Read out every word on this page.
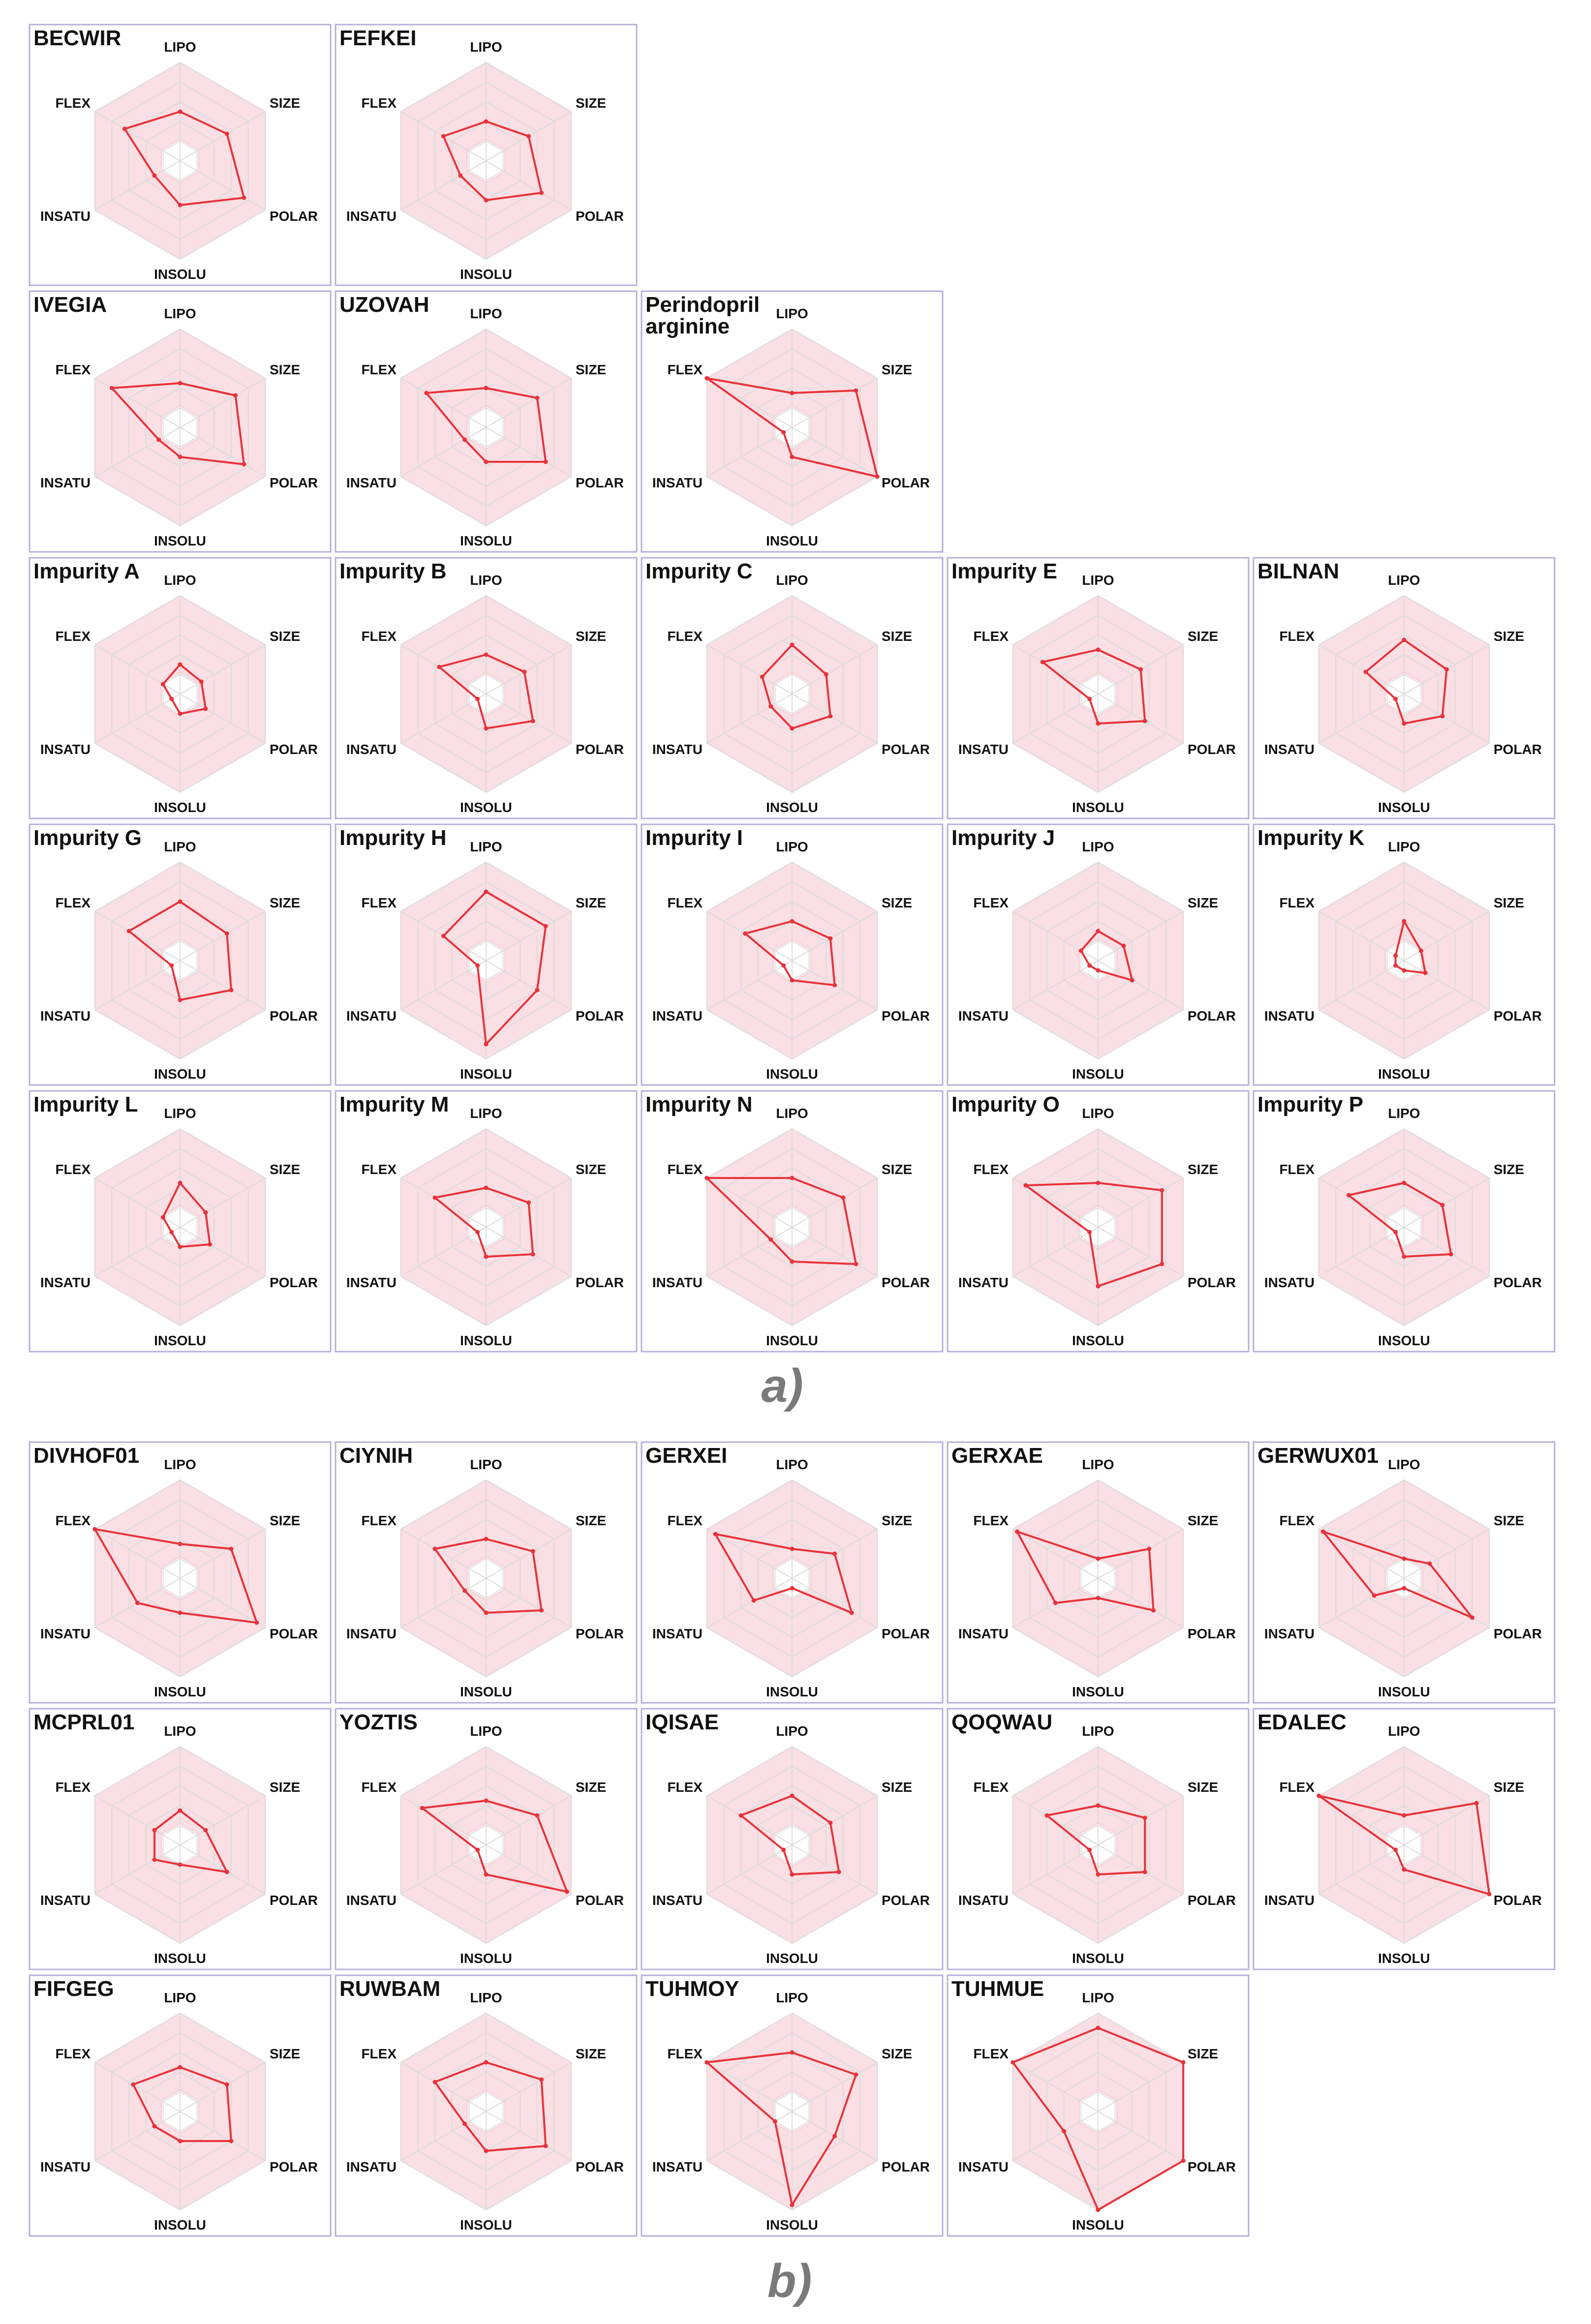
a)
b)
LIPO
SIZE
POLAR
INSOLU
INSATU
FLEX
BECWIR	LIPO
SIZE
POLAR
INSOLU
INSATU
FLEX
FEFKEI
LIPO
SIZE
POLAR
INSOLU
INSATU
FLEX
IVEGIA	LIPO
SIZE
POLAR
INSOLU
INSATU
FLEX
UZOVAH	LIPO
SIZE
POLAR
INSOLU
INSATU
FLEX
Perindopril arginine
LIPO
SIZE
POLAR
INSOLU
INSATU
FLEX
Impurity A	LIPO
SIZE
POLAR
INSOLU
INSATU
FLEX
Impurity B	LIPO
SIZE
POLAR
INSOLU
INSATU
FLEX
Impurity C	LIPO
SIZE
POLAR
INSOLU
INSATU
FLEX
Impurity E	LIPO
SIZE
POLAR
INSOLU
INSATU
FLEX
BILNAN
LIPO
SIZE
POLAR
INSOLU
INSATU
FLEX
Impurity G	LIPO
SIZE
POLAR
INSOLU
INSATU
FLEX
Impurity H	LIPO
SIZE
POLAR
INSOLU
INSATU
FLEX
Impurity I	LIPO
SIZE
POLAR
INSOLU
INSATU
FLEX
Impurity J	LIPO
SIZE
POLAR
INSOLU
INSATU
FLEX
Impurity K
LIPO
SIZE
POLAR
INSOLU
INSATU
FLEX
Impurity L	LIPO
SIZE
POLAR
INSOLU
INSATU
FLEX
Impurity M	LIPO
SIZE
POLAR
INSOLU
INSATU
FLEX
Impurity N	LIPO
SIZE
POLAR
INSOLU
INSATU
FLEX
Impurity O	LIPO
SIZE
POLAR
INSOLU
INSATU
FLEX
Impurity P
LIPO
SIZE
POLAR
INSOLU
INSATU
FLEX
DIVHOF01	LIPO
SIZE
POLAR
INSOLU
INSATU
FLEX
CIYNIH	LIPO
SIZE
POLAR
INSOLU
INSATU
FLEX
GERXEI	LIPO
SIZE
POLAR
INSOLU
INSATU
FLEX
GERXAE	LIPO
SIZE
POLAR
INSOLU
INSATU
FLEX
GERWUX01
LIPO
SIZE
POLAR
INSOLU
INSATU
FLEX
MCPRL01	LIPO
SIZE
POLAR
INSOLU
INSATU
FLEX
YOZTIS	LIPO
SIZE
POLAR
INSOLU
INSATU
FLEX
IQISAE	LIPO
SIZE
POLAR
INSOLU
INSATU
FLEX
QOQWAU	LIPO
SIZE
POLAR
INSOLU
INSATU
FLEX
EDALEC
LIPO
SIZE
POLAR
INSOLU
INSATU
FLEX
FIFGEG	LIPO
SIZE
POLAR
INSOLU
INSATU
FLEX
RUWBAM	LIPO
SIZE
POLAR
INSOLU
INSATU
FLEX
TUHMOY	LIPO
SIZE
POLAR
INSOLU
INSATU
FLEX
TUHMUE
